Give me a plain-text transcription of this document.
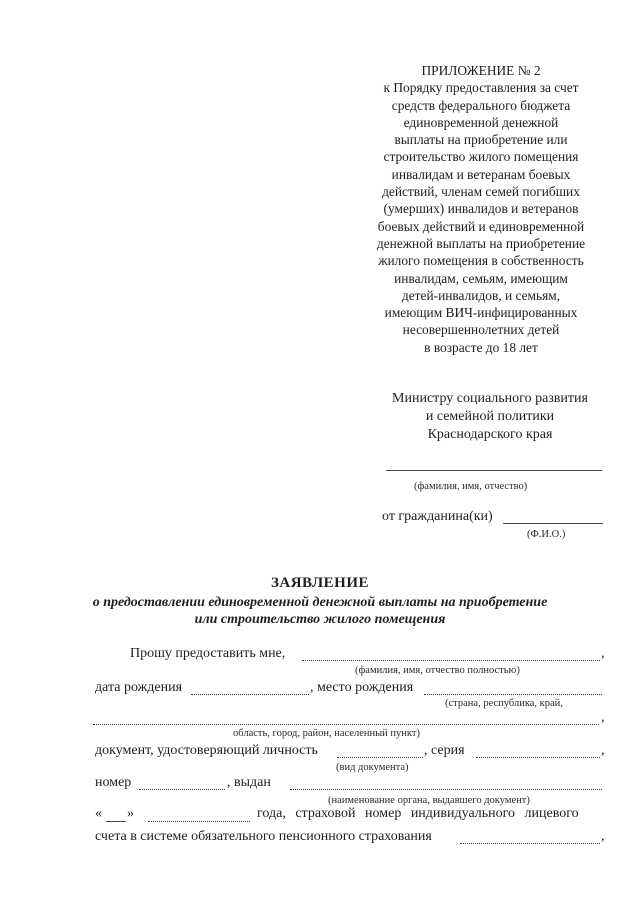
ПРИЛОЖЕНИЕ № 2
к Порядку предоставления за счет
средств федерального бюджета
единовременной денежной
выплаты на приобретение или
строительство жилого помещения
инвалидам и ветеранам боевых
действий, членам семей погибших
(умерших) инвалидов и ветеранов
боевых действий и единовременной
денежной выплаты на приобретение
жилого помещения в собственность
инвалидам, семьям, имеющим
детей-инвалидов, и семьям,
имеющим ВИЧ-инфицированных
несовершеннолетних детей
в возрасте до 18 лет
Министру социального развития
и семейной политики
Краснодарского края
(фамилия, имя, отчество)
от гражданина(ки)
(Ф.И.О.)
ЗАЯВЛЕНИЕ
о предоставлении единовременной денежной выплаты на приобретение
или строительство жилого помещения
Прошу предоставить мне,	,
(фамилия, имя, отчество полностью)
дата рождения	, место рождения
(страна, республика, край,
,
область, город, район, населенный пункт)
документ, удостоверяющий личность	, серия	,
(вид документа)
номер	, выдан
(наименование органа, выдавшего документ)
« »	года, страховой номер индивидуального лицевого
счета в системе обязательного пенсионного страхования	,
